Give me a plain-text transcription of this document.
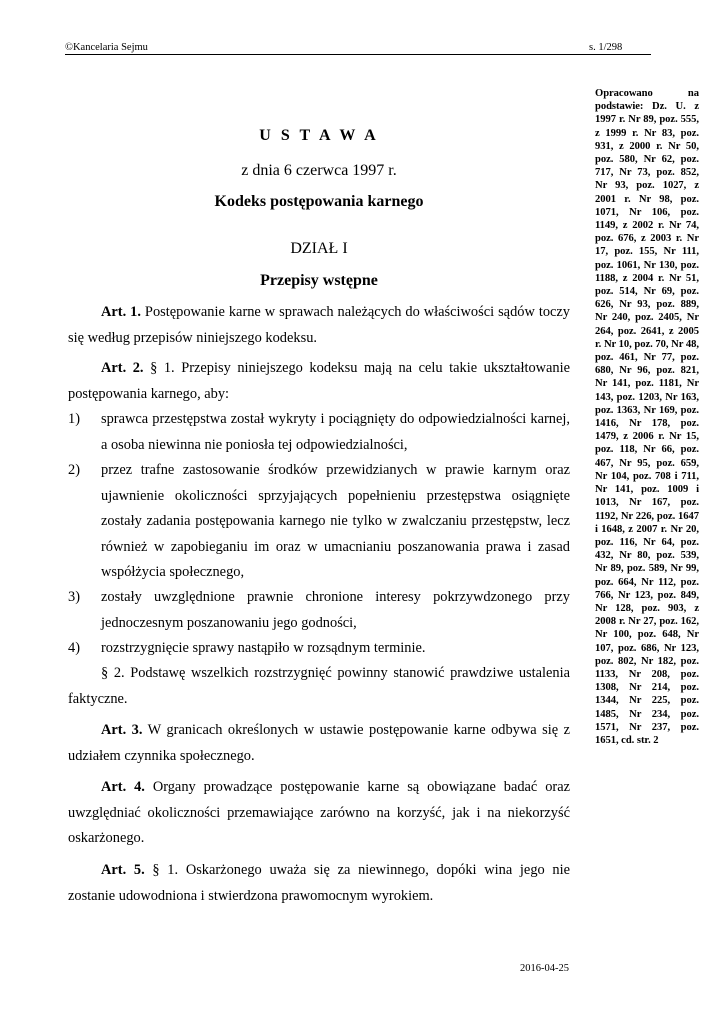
©Kancelaria Sejmu	s. 1/298
U S T A W A
z dnia 6 czerwca 1997 r.
Kodeks postępowania karnego
DZIAŁ I
Przepisy wstępne
Art. 1. Postępowanie karne w sprawach należących do właściwości sądów toczy się według przepisów niniejszego kodeksu.
Art. 2. § 1. Przepisy niniejszego kodeksu mają na celu takie ukształtowanie postępowania karnego, aby:
1) sprawca przestępstwa został wykryty i pociągnięty do odpowiedzialności karnej, a osoba niewinna nie poniosła tej odpowiedzialności,
2) przez trafne zastosowanie środków przewidzianych w prawie karnym oraz ujawnienie okoliczności sprzyjających popełnieniu przestępstwa osiągnięte zostały zadania postępowania karnego nie tylko w zwalczaniu przestępstw, lecz również w zapobieganiu im oraz w umacnianiu poszanowania prawa i zasad współżycia społecznego,
3) zostały uwzględnione prawnie chronione interesy pokrzywdzonego przy jednoczesnym poszanowaniu jego godności,
4) rozstrzygnięcie sprawy nastąpiło w rozsądnym terminie.
§ 2. Podstawę wszelkich rozstrzygnięć powinny stanowić prawdziwe ustalenia faktyczne.
Art. 3. W granicach określonych w ustawie postępowanie karne odbywa się z udziałem czynnika społecznego.
Art. 4. Organy prowadzące postępowanie karne są obowiązane badać oraz uwzględniać okoliczności przemawiające zarówno na korzyść, jak i na niekorzyść oskarżonego.
Art. 5. § 1. Oskarżonego uważa się za niewinnego, dopóki wina jego nie zostanie udowodniona i stwierdzona prawomocnym wyrokiem.
Opracowano na podstawie: Dz. U. z 1997 r. Nr 89, poz. 555, z 1999 r. Nr 83, poz. 931, z 2000 r. Nr 50, poz. 580, Nr 62, poz. 717, Nr 73, poz. 852, Nr 93, poz. 1027, z 2001 r. Nr 98, poz. 1071, Nr 106, poz. 1149, z 2002 r. Nr 74, poz. 676, z 2003 r. Nr 17, poz. 155, Nr 111, poz. 1061, Nr 130, poz. 1188, z 2004 r. Nr 51, poz. 514, Nr 69, poz. 626, Nr 93, poz. 889, Nr 240, poz. 2405, Nr 264, poz. 2641, z 2005 r. Nr 10, poz. 70, Nr 48, poz. 461, Nr 77, poz. 680, Nr 96, poz. 821, Nr 141, poz. 1181, Nr 143, poz. 1203, Nr 163, poz. 1363, Nr 169, poz. 1416, Nr 178, poz. 1479, z 2006 r. Nr 15, poz. 118, Nr 66, poz. 467, Nr 95, poz. 659, Nr 104, poz. 708 i 711, Nr 141, poz. 1009 i 1013, Nr 167, poz. 1192, Nr 226, poz. 1647 i 1648, z 2007 r. Nr 20, poz. 116, Nr 64, poz. 432, Nr 80, poz. 539, Nr 89, poz. 589, Nr 99, poz. 664, Nr 112, poz. 766, Nr 123, poz. 849, Nr 128, poz. 903, z 2008 r. Nr 27, poz. 162, Nr 100, poz. 648, Nr 107, poz. 686, Nr 123, poz. 802, Nr 182, poz. 1133, Nr 208, poz. 1308, Nr 214, poz. 1344, Nr 225, poz. 1485, Nr 234, poz. 1571, Nr 237, poz. 1651, cd. str. 2
2016-04-25
